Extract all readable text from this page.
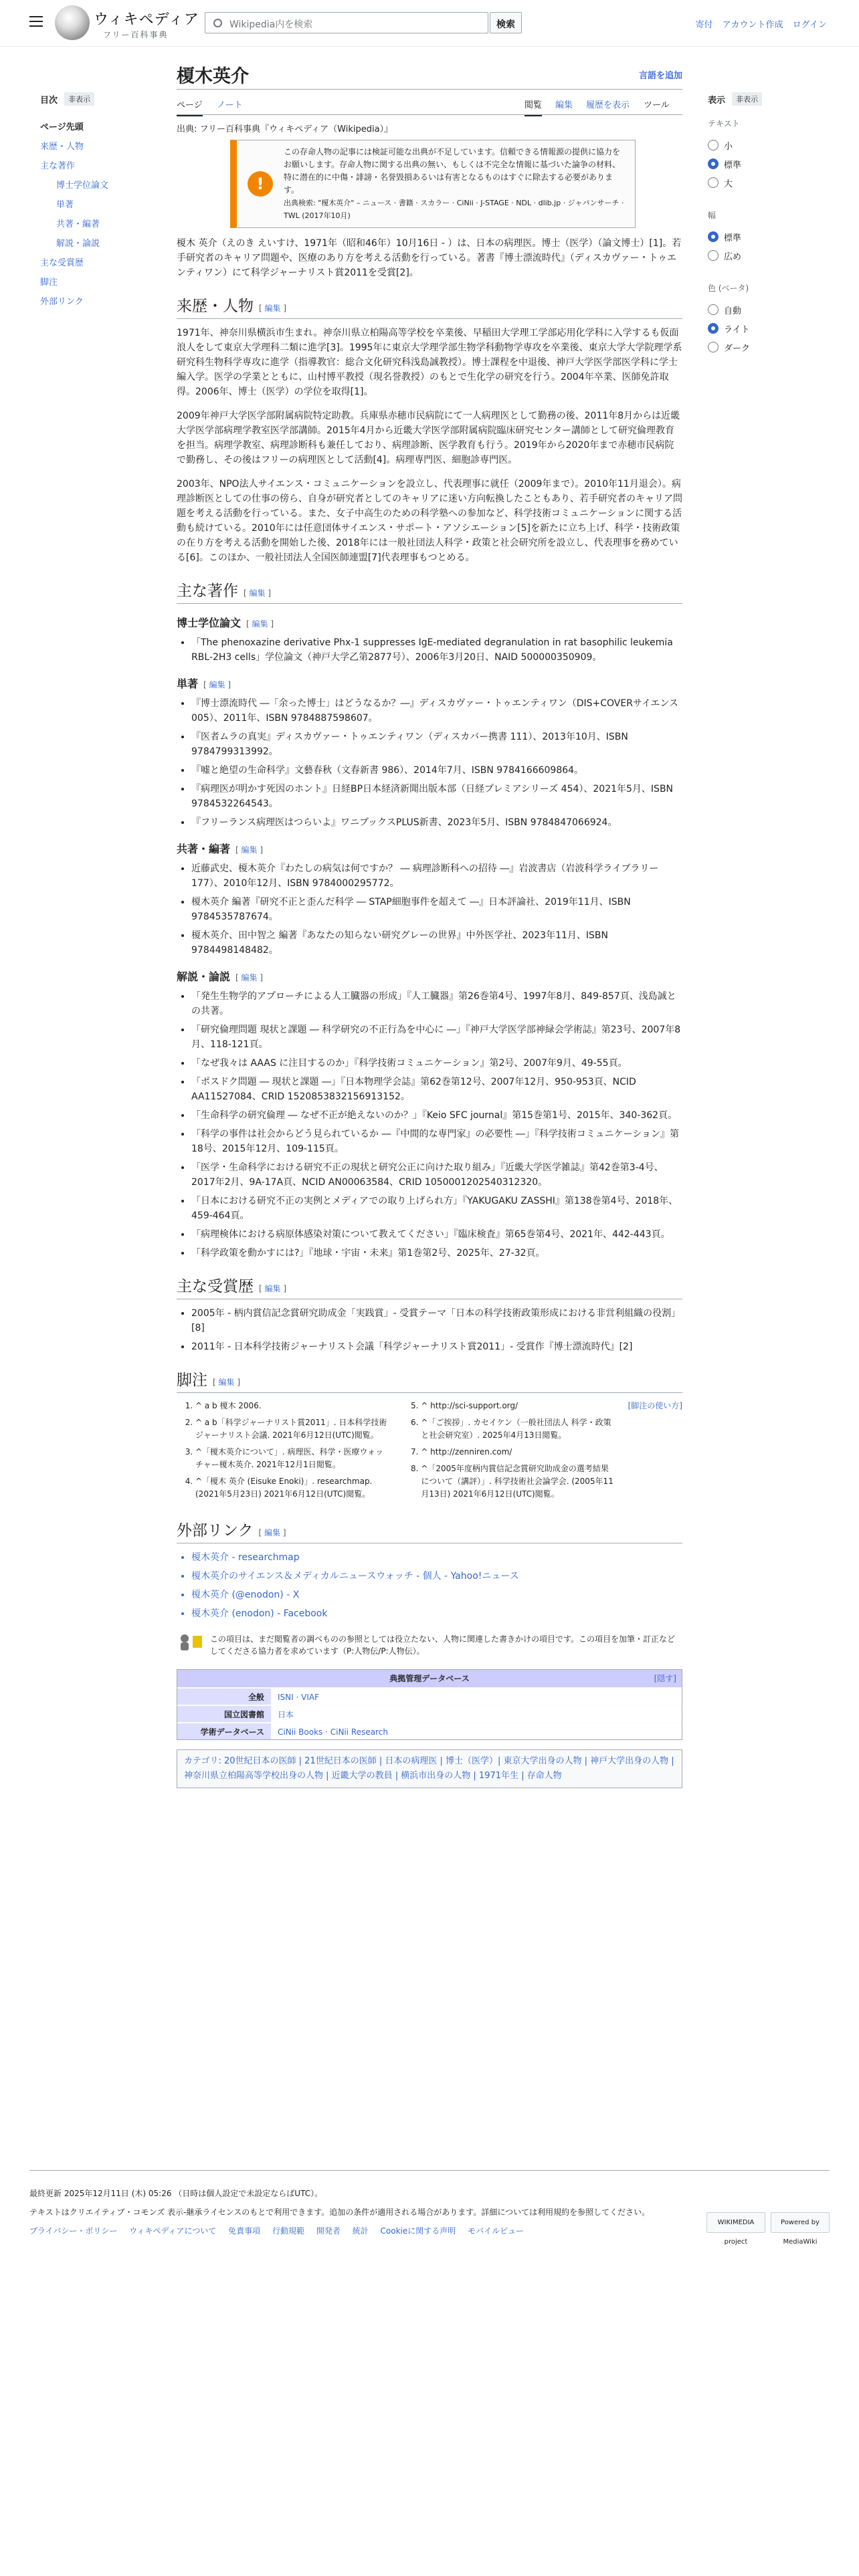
ウィキペディア
フリー百科事典
Wikipedia内を検索	検索	寄付 アカウント作成 ログイン
目次	非表示
ページ先頭
来歴・人物
主な著作
博士学位論文
単著
共著・編著
解説・論説
主な受賞歴
脚注
外部リンク
表示	非表示
テキスト
小
標準
大
幅
標準
広め
色 (ベータ)
自動
ライト
ダーク
榎木英介	言語を追加
ページ ノート	閲覧 編集 履歴を表示 ツール
出典: フリー百科事典『ウィキペディア（Wikipedia）』
!
この存命人物の記事には検証可能な出典が不足しています。信頼できる情報源の提供に協力をお願いします。存命人物に関する出典の無い、もしくは不完全な情報に基づいた論争の材料、特に潜在的に中傷・誹謗・名誉毀損あるいは有害となるものはすぐに除去する必要があります。
出典検索: "榎木英介" – ニュース · 書籍 · スカラー · CiNii · J-STAGE · NDL · dlib.jp · ジャパンサーチ · TWL (2017年10月)

榎木 英介（えのき えいすけ、1971年（昭和46年）10月16日 - ）は、日本の病理医。博士（医学）（論文博士）[1]。若手研究者のキャリア問題や、医療のあり方を考える活動を行っている。著書『博士漂流時代』（ディスカヴァー・トゥエンティワン）にて科学ジャーナリスト賞2011を受賞[2]。

来歴・人物 [ 編集 ]

1971年、神奈川県横浜市生まれ。神奈川県立柏陽高等学校を卒業後、早稲田大学理工学部応用化学科に入学するも仮面浪人をして東京大学理科二類に進学[3]。1995年に東京大学理学部生物学科動物学専攻を卒業後、東京大学大学院理学系研究科生物科学専攻に進学（指導教官：総合文化研究科浅島誠教授）。博士課程を中退後、神戸大学医学部医学科に学士編入学。医学の学業とともに、山村博平教授（現名誉教授）のもとで生化学の研究を行う。2004年卒業、医師免許取得。2006年、博士（医学）の学位を取得[1]。

2009年神戸大学医学部附属病院特定助教。兵庫県赤穂市民病院にて一人病理医として勤務の後、2011年8月からは近畿大学医学部病理学教室医学部講師。2015年4月から近畿大学医学部附属病院臨床研究センター講師として研究倫理教育を担当。病理学教室、病理診断科も兼任しており、病理診断、医学教育も行う。2019年から2020年まで赤穂市民病院で勤務し、その後はフリーの病理医として活動[4]。病理専門医、細胞診専門医。

2003年、NPO法人サイエンス・コミュニケーションを設立し、代表理事に就任（2009年まで）。2010年11月退会）。病理診断医としての仕事の傍ら、自身が研究者としてのキャリアに迷い方向転換したこともあり、若手研究者のキャリア問題を考える活動を行っている。また、女子中高生のための科学塾への参加など、科学技術コミュニケーションに関する活動も続けている。2010年には任意団体サイエンス・サポート・アソシエーション[5]を新たに立ち上げ、科学・技術政策の在り方を考える活動を開始した後、2018年には一般社団法人科学・政策と社会研究所を設立し、代表理事を務めている[6]。このほか、一般社団法人全国医師連盟[7]代表理事もつとめる。

主な著作 [ 編集 ]
博士学位論文 [ 編集 ]
• 「The phenoxazine derivative Phx-1 suppresses IgE-mediated degranulation in rat basophilic leukemia RBL-2H3 cells」学位論文（神戸大学乙第2877号）、2006年3月20日、NAID 500000350909。
単著 [ 編集 ]
• 『博士漂流時代 ―「余った博士」はどうなるか？―』ディスカヴァー・トゥエンティワン（DIS+COVERサイエンス 005）、2011年、ISBN 9784887598607。
• 『医者ムラの真実』ディスカヴァー・トゥエンティワン（ディスカバー携書 111）、2013年10月、ISBN 9784799313992。
• 『嘘と絶望の生命科学』文藝春秋（文春新書 986）、2014年7月、ISBN 9784166609864。
• 『病理医が明かす死因のホント』日経BP日本経済新聞出版本部（日経プレミアシリーズ 454）、2021年5月、ISBN 9784532264543。
• 『フリーランス病理医はつらいよ』ワニブックスPLUS新書、2023年5月、ISBN 9784847066924。
共著・編著 [ 編集 ]
• 近藤武史、榎木英介『わたしの病気は何ですか？ ― 病理診断科への招待 ―』岩波書店（岩波科学ライブラリー 177）、2010年12月、ISBN 9784000295772。
• 榎木英介 編著『研究不正と歪んだ科学 ― STAP細胞事件を超えて ―』日本評論社、2019年11月、ISBN 9784535787674。
• 榎木英介、田中智之 編著『あなたの知らない研究グレーの世界』中外医学社、2023年11月、ISBN 9784498148482。
解説・論説 [ 編集 ]
• 「発生生物学的アプローチによる人工臓器の形成」『人工臓器』第26巻第4号、1997年8月、849-857頁、浅島誠との共著。
• 「研究倫理問題 現状と課題 ― 科学研究の不正行為を中心に ―」『神戸大学医学部神緑会学術誌』第23号、2007年8月、118-121頁。
• 「なぜ我々は AAAS に注目するのか」『科学技術コミュニケーション』第2号、2007年9月、49-55頁。
• 「ポスドク問題 ― 現状と課題 ―」『日本物理学会誌』第62巻第12号、2007年12月、950-953頁、NCID AA11527084、CRID 1520853832156913152。
• 「生命科学の研究倫理 ― なぜ不正が絶えないのか？」『Keio SFC journal』第15巻第1号、2015年、340-362頁。
• 「科学の事件は社会からどう見られているか ―『中間的な専門家』の必要性 ―」『科学技術コミュニケーション』第18号、2015年12月、109-115頁。
• 「医学・生命科学における研究不正の現状と研究公正に向けた取り組み」『近畿大学医学雑誌』第42巻第3-4号、2017年2月、9A-17A頁、NCID AN00063584、CRID 1050001202540312320。
• 「日本における研究不正の実例とメディアでの取り上げられ方」『YAKUGAKU ZASSHI』第138巻第4号、2018年、459-464頁。
• 「病理検体における病原体感染対策について教えてください」『臨床検査』第65巻第4号、2021年、442-443頁。
• 「科学政策を動かすには?」『地球・宇宙・未来』第1巻第2号、2025年、27-32頁。
主な受賞歴 [ 編集 ]
• 2005年 - 柄内賞信記念賞研究助成金「実践賞」- 受賞テーマ「日本の科学技術政策形成における非営利組織の役割」[8]
• 2011年 - 日本科学技術ジャーナリスト会議「科学ジャーナリスト賞2011」- 受賞作『博士漂流時代』[2]
脚注 [ 編集 ]
1. ^ a b 榎木 2006.
2. ^ a b「科学ジャーナリスト賞2011」. 日本科学技術ジャーナリスト会議. 2021年6月12日(UTC)閲覧。
3. ^「榎木英介について」. 病理医、科学・医療ウォッチャー榎木英介. 2021年12月1日閲覧。
4. ^「榎木 英介 (Eisuke Enoki)」. researchmap. (2021年5月23日) 2021年6月12日(UTC)閲覧。
5. ^ http://sci-support.org/
6. ^「ご挨拶」. カセイケン（一般社団法人 科学・政策と社会研究室）. 2025年4月13日閲覧。
7. ^ http://zenniren.com/
8. ^「2005年度柄内賞信記念賞研究助成金の選考結果について（講評）」. 科学技術社会論学会. (2005年11月13日) 2021年6月12日(UTC)閲覧。
[脚注の使い方]
外部リンク [ 編集 ]
• 榎木英介 - researchmap
• 榎木英介のサイエンス＆メディカルニュースウォッチ - 個人 - Yahoo!ニュース
• 榎木英介 (@enodon) - X
• 榎木英介 (enodon) - Facebook
この項目は、まだ閲覧者の調べものの参照としては役立たない、人物に関連した書きかけの項目です。この項目を加筆・訂正などしてくださる協力者を求めています（P:人物伝/P:人物伝）。
典拠管理データベース	[隠す]
全般	ISNI · VIAF
国立図書館	日本
学術データベース	CiNii Books · CiNii Research
カテゴリ: 20世紀日本の医師 | 21世紀日本の医師 | 日本の病理医 | 博士（医学）| 東京大学出身の人物 | 神戸大学出身の人物 | 神奈川県立柏陽高等学校出身の人物 | 近畿大学の教員 | 横浜市出身の人物 | 1971年生 | 存命人物
最終更新 2025年12月11日 (木) 05:26 （日時は個人設定で未設定ならばUTC）。
テキストはクリエイティブ・コモンズ 表示-継承ライセンスのもとで利用できます。追加の条件が適用される場合があります。詳細については利用規約を参照してください。
プライバシー・ポリシー ウィキペディアについて 免責事項 行動規範 開発者 統計 Cookieに関する声明 モバイルビュー
WIKIMEDIA project
Powered by MediaWiki
